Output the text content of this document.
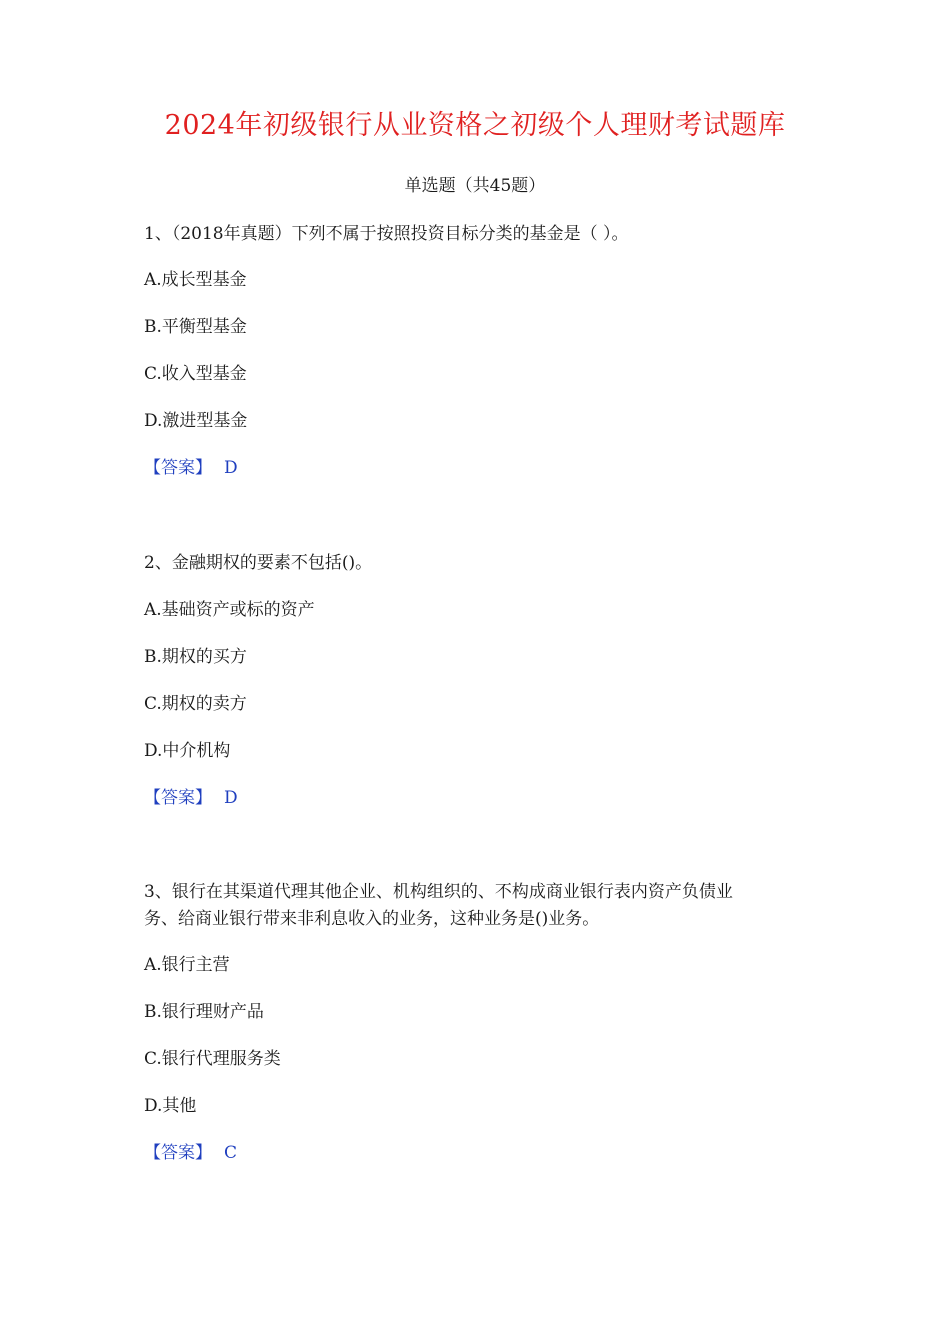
2024年初级银行从业资格之初级个人理财考试题库
单选题（共45题）
1、（2018年真题）下列不属于按照投资目标分类的基金是（ ）。
A.成长型基金
B.平衡型基金
C.收入型基金
D.激进型基金
【答案】 D
2、金融期权的要素不包括()。
A.基础资产或标的资产
B.期权的买方
C.期权的卖方
D.中介机构
【答案】 D
3、银行在其渠道代理其他企业、机构组织的、不构成商业银行表内资产负债业
务、给商业银行带来非利息收入的业务，这种业务是()业务。
A.银行主营
B.银行理财产品
C.银行代理服务类
D.其他
【答案】 C
